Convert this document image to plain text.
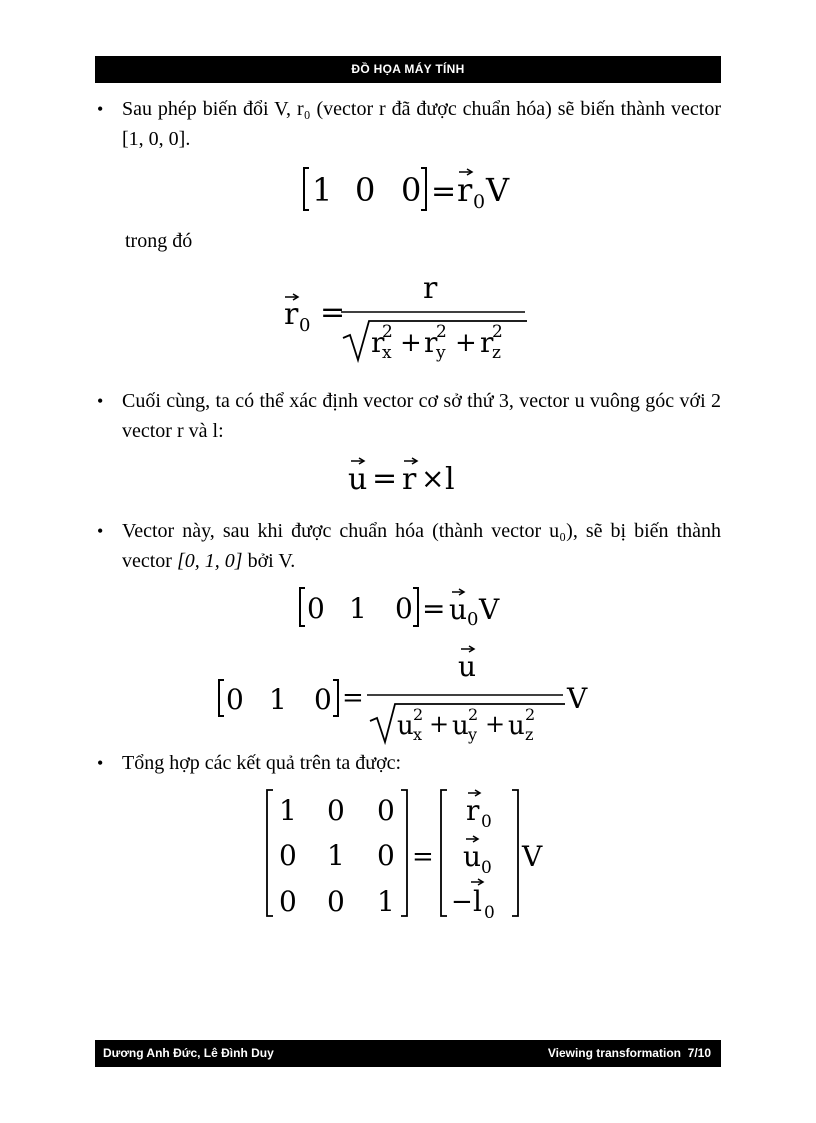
ĐỒ HỌA MÁY TÍNH
• Sau phép biến đổi V, r₀ (vector r đã được chuẩn hóa) sẽ biến thành vector [1, 0, 0].
1 0 0 = r 0 V
trong đó
r 0 =
r
r
2
x + r
2
y + r
2
z
• Cuối cùng, ta có thể xác định vector cơ sở thứ 3, vector u vuông góc với 2 vector r và l:
u = r × l
• Vector này, sau khi được chuẩn hóa (thành vector u₀), sẽ bị biến thành vector [0, 1, 0] bởi V.
0 1 0 = u 0 V
0 1 0 =
u
u 2
x + u 2
y + u 2
z
V
• Tổng hợp các kết quả trên ta được:
1 0 0
0 1 0
0 0 1
=
r 0
u 0
− l 0
V
Dương Anh Đức, Lê Đình Duy	Viewing transformation  7/10
